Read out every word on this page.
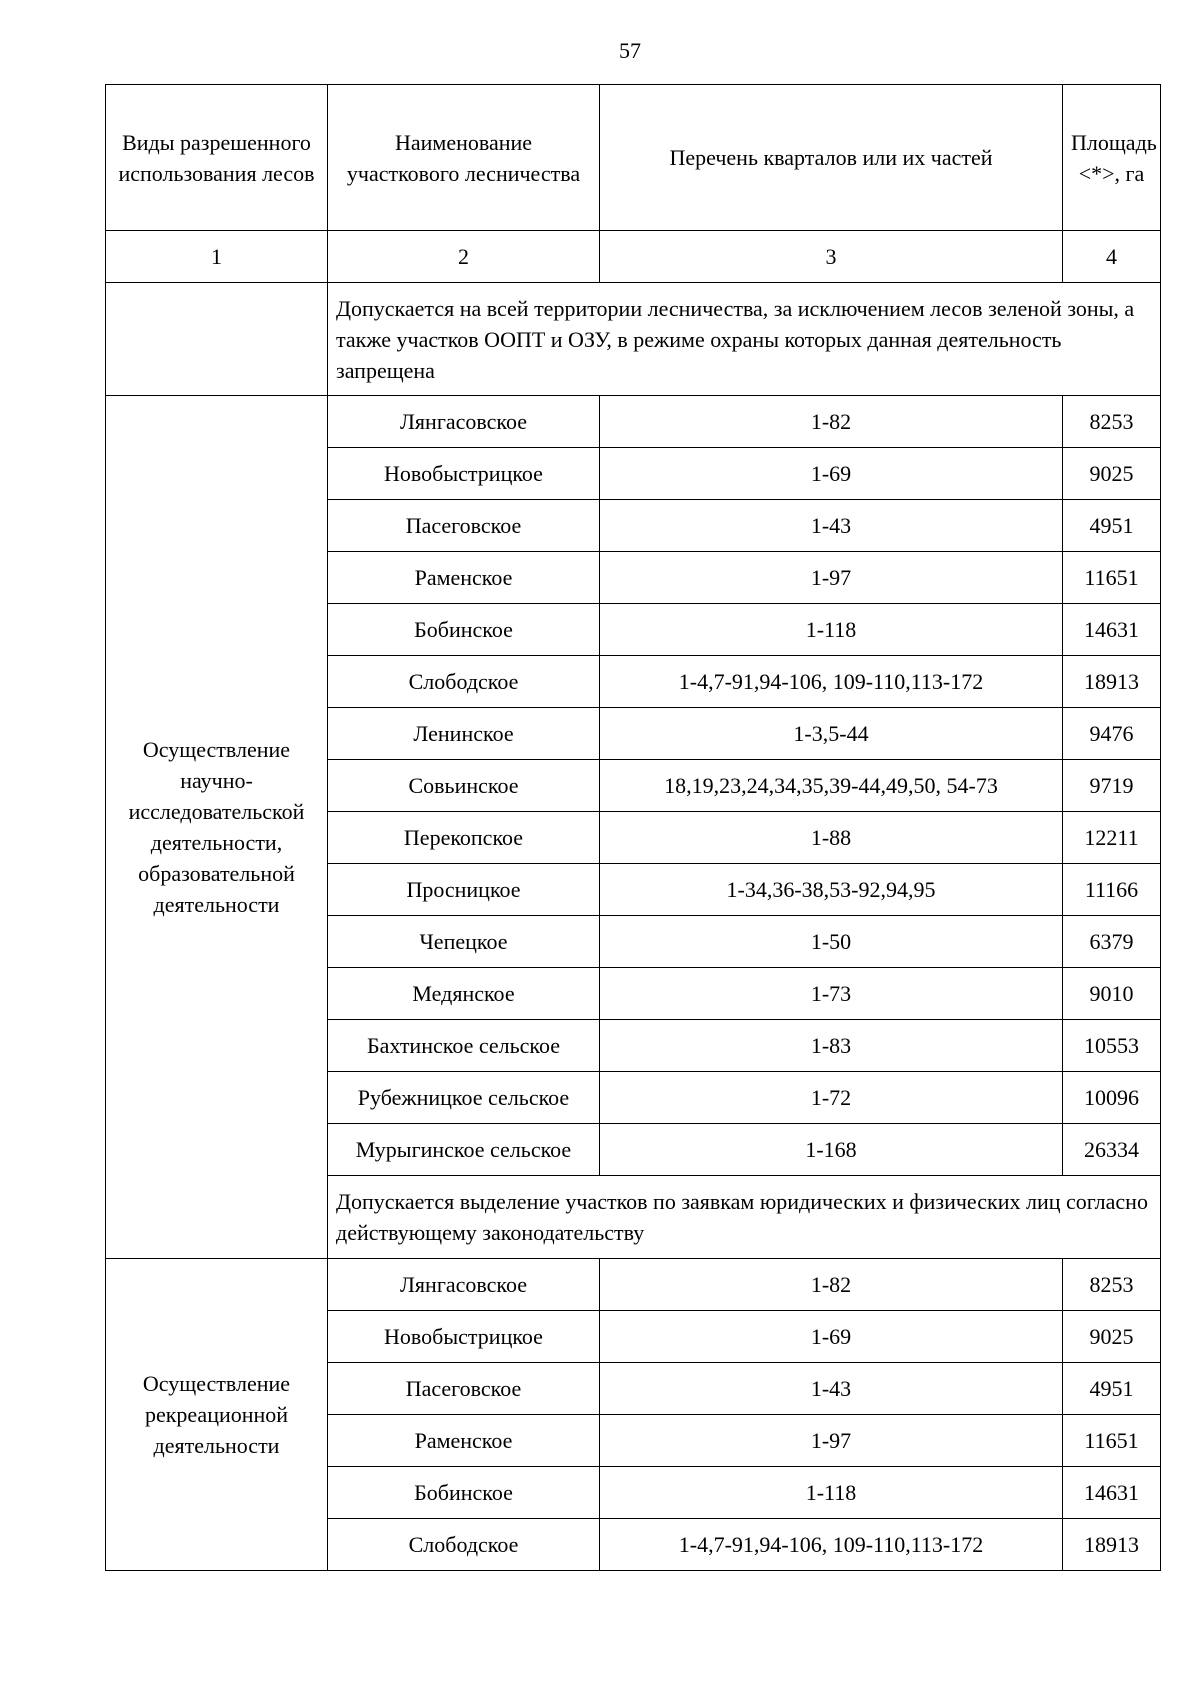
57
Виды разрешенного использования лесов	Наименование участкового лесничества	Перечень кварталов или их частей	Площадь <*>, га
1	2	3	4
	Допускается на всей территории лесничества, за исключением лесов зеленой зоны, а также участков ООПТ и ОЗУ, в режиме охраны которых данная деятельность запрещена		
Осуществление научно-исследовательской деятельности, образовательной деятельности	Лянгасовское	1-82	8253
	Новобыстрицкое	1-69	9025
	Пасеговское	1-43	4951
	Раменское	1-97	11651
	Бобинское	1-118	14631
	Слободское	1-4,7-91,94-106, 109-110,113-172	18913
	Ленинское	1-3,5-44	9476
	Совьинское	18,19,23,24,34,35,39-44,49,50, 54-73	9719
	Перекопское	1-88	12211
	Просницкое	1-34,36-38,53-92,94,95	11166
	Чепецкое	1-50	6379
	Медянское	1-73	9010
	Бахтинское сельское	1-83	10553
	Рубежницкое сельское	1-72	10096
	Мурыгинское сельское	1-168	26334
	Допускается выделение участков по заявкам юридических и физических лиц согласно действующему законодательству		
Осуществление рекреационной деятельности	Лянгасовское	1-82	8253
	Новобыстрицкое	1-69	9025
	Пасеговское	1-43	4951
	Раменское	1-97	11651
	Бобинское	1-118	14631
	Слободское	1-4,7-91,94-106, 109-110,113-172	18913
